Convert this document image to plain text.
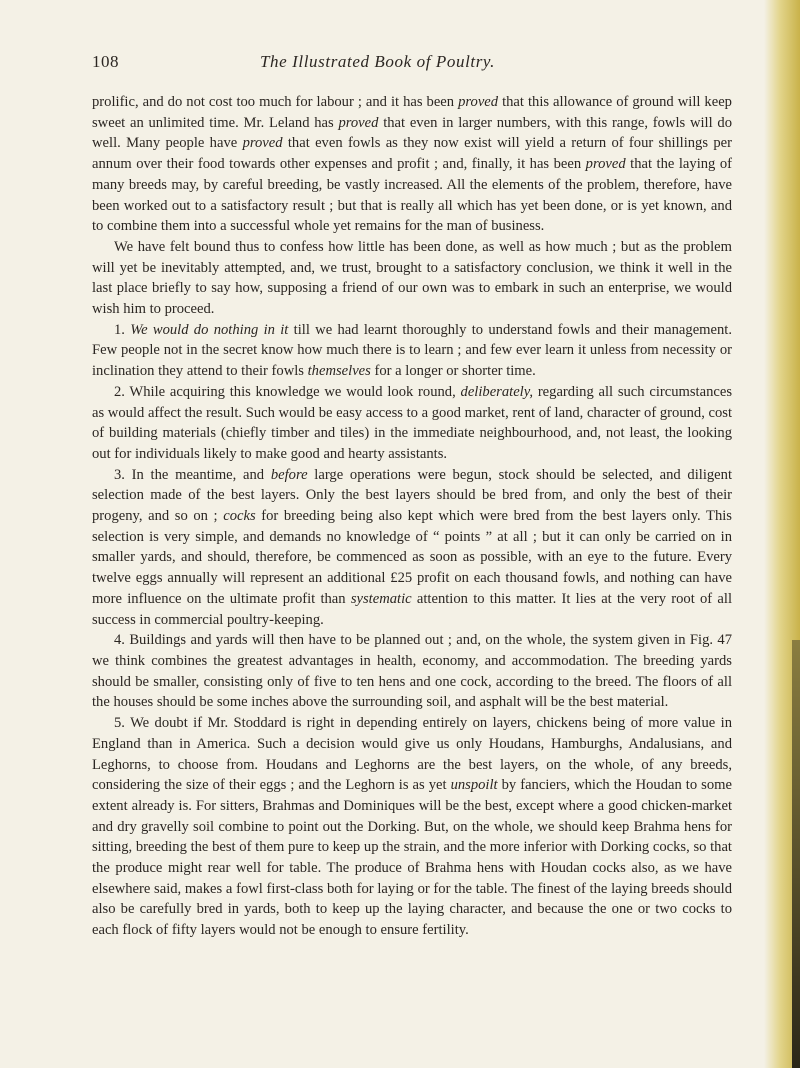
108	The Illustrated Book of Poultry.

prolific, and do not cost too much for labour ; and it has been proved that this allowance of ground will keep sweet an unlimited time. Mr. Leland has proved that even in larger numbers, with this range, fowls will do well. Many people have proved that even fowls as they now exist will yield a return of four shillings per annum over their food towards other expenses and profit ; and, finally, it has been proved that the laying of many breeds may, by careful breeding, be vastly increased. All the elements of the problem, therefore, have been worked out to a satisfactory result ; but that is really all which has yet been done, or is yet known, and to combine them into a successful whole yet remains for the man of business.

We have felt bound thus to confess how little has been done, as well as how much ; but as the problem will yet be inevitably attempted, and, we trust, brought to a satisfactory conclusion, we think it well in the last place briefly to say how, supposing a friend of our own was to embark in such an enterprise, we would wish him to proceed.

1. We would do nothing in it till we had learnt thoroughly to understand fowls and their management. Few people not in the secret know how much there is to learn ; and few ever learn it unless from necessity or inclination they attend to their fowls themselves for a longer or shorter time.

2. While acquiring this knowledge we would look round, deliberately, regarding all such circumstances as would affect the result. Such would be easy access to a good market, rent of land, character of ground, cost of building materials (chiefly timber and tiles) in the immediate neighbourhood, and, not least, the looking out for individuals likely to make good and hearty assistants.

3. In the meantime, and before large operations were begun, stock should be selected, and diligent selection made of the best layers. Only the best layers should be bred from, and only the best of their progeny, and so on ; cocks for breeding being also kept which were bred from the best layers only. This selection is very simple, and demands no knowledge of “ points ” at all ; but it can only be carried on in smaller yards, and should, therefore, be commenced as soon as possible, with an eye to the future. Every twelve eggs annually will represent an additional £25 profit on each thousand fowls, and nothing can have more influence on the ultimate profit than systematic attention to this matter. It lies at the very root of all success in commercial poultry-keeping.

4. Buildings and yards will then have to be planned out ; and, on the whole, the system given in Fig. 47 we think combines the greatest advantages in health, economy, and accommodation. The breeding yards should be smaller, consisting only of five to ten hens and one cock, according to the breed. The floors of all the houses should be some inches above the surrounding soil, and asphalt will be the best material.

5. We doubt if Mr. Stoddard is right in depending entirely on layers, chickens being of more value in England than in America. Such a decision would give us only Houdans, Hamburghs, Andalusians, and Leghorns, to choose from. Houdans and Leghorns are the best layers, on the whole, of any breeds, considering the size of their eggs ; and the Leghorn is as yet unspoilt by fanciers, which the Houdan to some extent already is. For sitters, Brahmas and Dominiques will be the best, except where a good chicken-market and dry gravelly soil combine to point out the Dorking. But, on the whole, we should keep Brahma hens for sitting, breeding the best of them pure to keep up the strain, and the more inferior with Dorking cocks, so that the produce might rear well for table. The produce of Brahma hens with Houdan cocks also, as we have elsewhere said, makes a fowl first-class both for laying or for the table. The finest of the laying breeds should also be carefully bred in yards, both to keep up the laying character, and because the one or two cocks to each flock of fifty layers would not be enough to ensure fertility.
